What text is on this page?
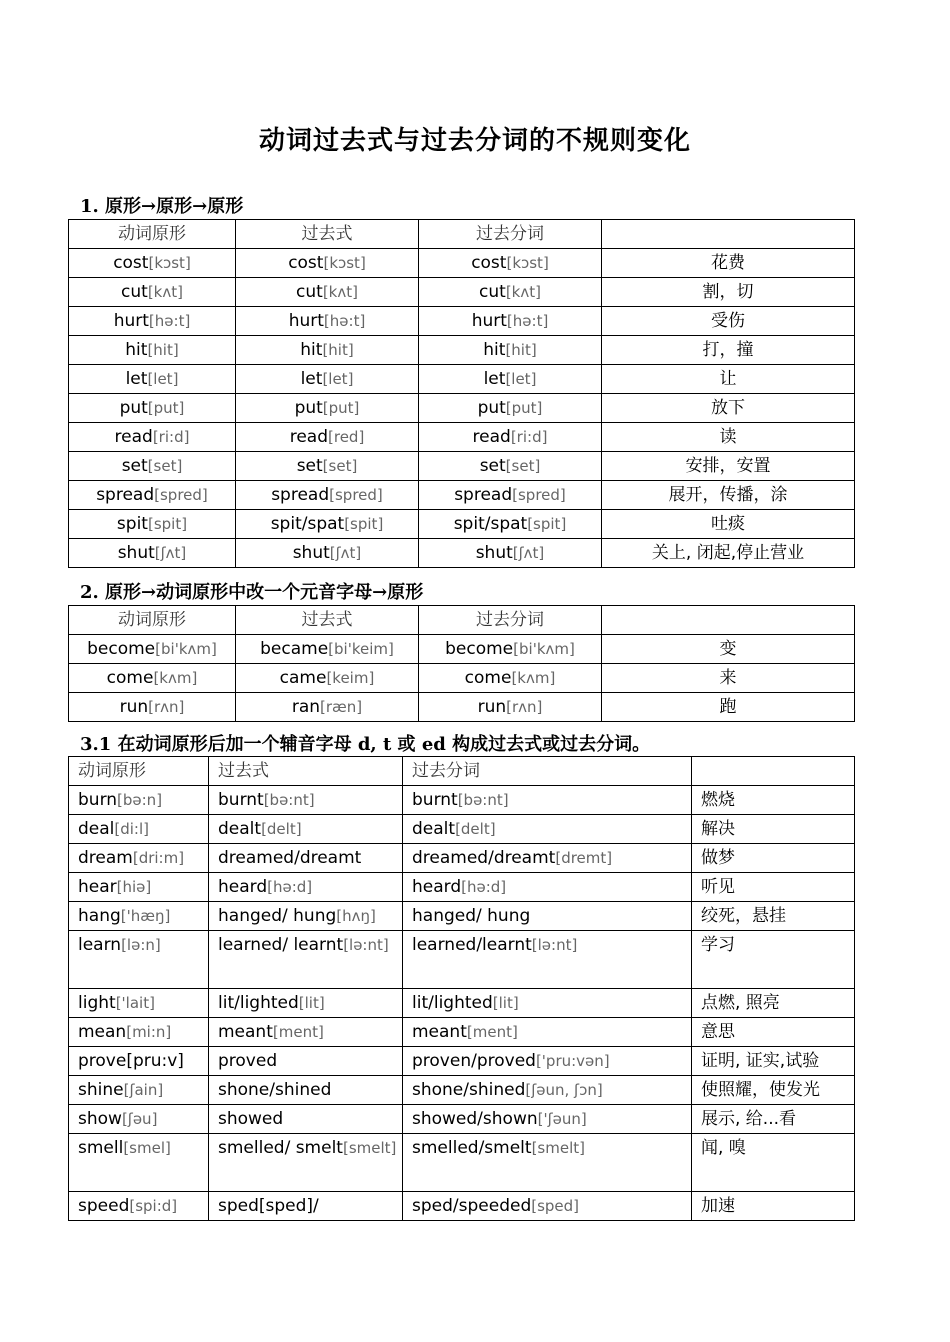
动词过去式与过去分词的不规则变化
1. 原形→原形→原形
动词原形	过去式	过去分词	
cost[kɔst]	cost[kɔst]	cost[kɔst]	花费
cut[kʌt]	cut[kʌt]	cut[kʌt]	割，切
hurt[hə:t]	hurt[hə:t]	hurt[hə:t]	受伤
hit[hit]	hit[hit]	hit[hit]	打，撞
let[let]	let[let]	let[let]	让
put[put]	put[put]	put[put]	放下
read[ri:d]	read[red]	read[ri:d]	读
set[set]	set[set]	set[set]	安排，安置
spread[spred]	spread[spred]	spread[spred]	展开，传播，涂
spit[spit]	spit/spat[spit]	spit/spat[spit]	吐痰
shut[ʃʌt]	shut[ʃʌt]	shut[ʃʌt]	关上, 闭起,停止营业
2. 原形→动词原形中改一个元音字母→原形
动词原形	过去式	过去分词	
become[bi'kʌm]	became[bi'keim]	become[bi'kʌm]	变
come[kʌm]	came[keim]	come[kʌm]	来
run[rʌn]	ran[ræn]	run[rʌn]	跑
3.1 在动词原形后加一个辅音字母 d, t 或 ed 构成过去式或过去分词。
动词原形	过去式	过去分词	
burn[bə:n]	burnt[bə:nt]	burnt[bə:nt]	燃烧
deal[di:l]	dealt[delt]	dealt[delt]	解决
dream[dri:m]	dreamed/dreamt	dreamed/dreamt[dremt]	做梦
hear[hiə]	heard[hə:d]	heard[hə:d]	听见
hang['hæŋ]	hanged/ hung[hʌŋ]	hanged/ hung	绞死，悬挂
learn[lə:n]	learned/ learnt[lə:nt]	learned/learnt[lə:nt]	学习
light['lait]	lit/lighted[lit]	lit/lighted[lit]	点燃, 照亮
mean[mi:n]	meant[ment]	meant[ment]	意思
prove[pru:v]	proved	proven/proved['pru:vən]	证明, 证实,试验
shine[ʃain]	shone/shined	shone/shined[ʃəun, ʃɔn]	使照耀，使发光
show[ʃəu]	showed	showed/shown['ʃəun]	展示, 给...看
smell[smel]	smelled/ smelt[smelt]	smelled/smelt[smelt]	闻, 嗅
speed[spi:d]	sped[sped]/	sped/speeded[sped]	加速
